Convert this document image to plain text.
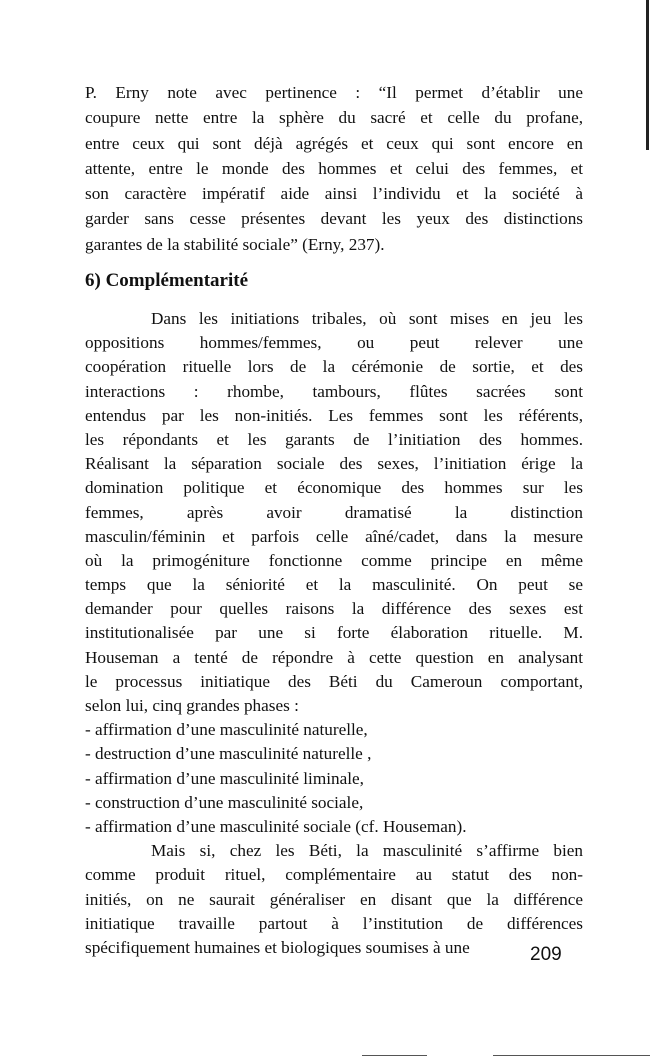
P. Erny note avec pertinence : “Il permet d’établir une
coupure nette entre la sphère du sacré et celle du profane,
entre ceux qui sont déjà agrégés et ceux qui sont encore en
attente, entre le monde des hommes et celui des femmes, et
son caractère impératif aide ainsi l’individu et la société à
garder sans cesse présentes devant les yeux des distinctions
garantes de la stabilité sociale” (Erny, 237).
6) Complémentarité
Dans les initiations tribales, où sont mises en jeu les
oppositions hommes/femmes, ou peut relever une
coopération rituelle lors de la cérémonie de sortie, et des
interactions : rhombe, tambours, flûtes sacrées sont
entendus par les non-initiés. Les femmes sont les référents,
les répondants et les garants de l’initiation des hommes.
Réalisant la séparation sociale des sexes, l’initiation érige la
domination politique et économique des hommes sur les
femmes, après avoir dramatisé la distinction
masculin/féminin et parfois celle aîné/cadet, dans la mesure
où la primogéniture fonctionne comme principe en même
temps que la séniorité et la masculinité. On peut se
demander pour quelles raisons la différence des sexes est
institutionalisée par une si forte élaboration rituelle. M.
Houseman a tenté de répondre à cette question en analysant
le processus initiatique des Béti du Cameroun comportant,
selon lui, cinq grandes phases :
- affirmation d’une masculinité naturelle,
- destruction d’une masculinité naturelle ,
- affirmation d’une masculinité liminale,
- construction d’une masculinité sociale,
- affirmation d’une masculinité sociale (cf. Houseman).
Mais si, chez les Béti, la masculinité s’affirme bien
comme produit rituel, complémentaire au statut des non-
initiés, on ne saurait généraliser en disant que la différence
initiatique travaille partout à l’institution de différences
spécifiquement humaines et biologiques soumises à une	209
